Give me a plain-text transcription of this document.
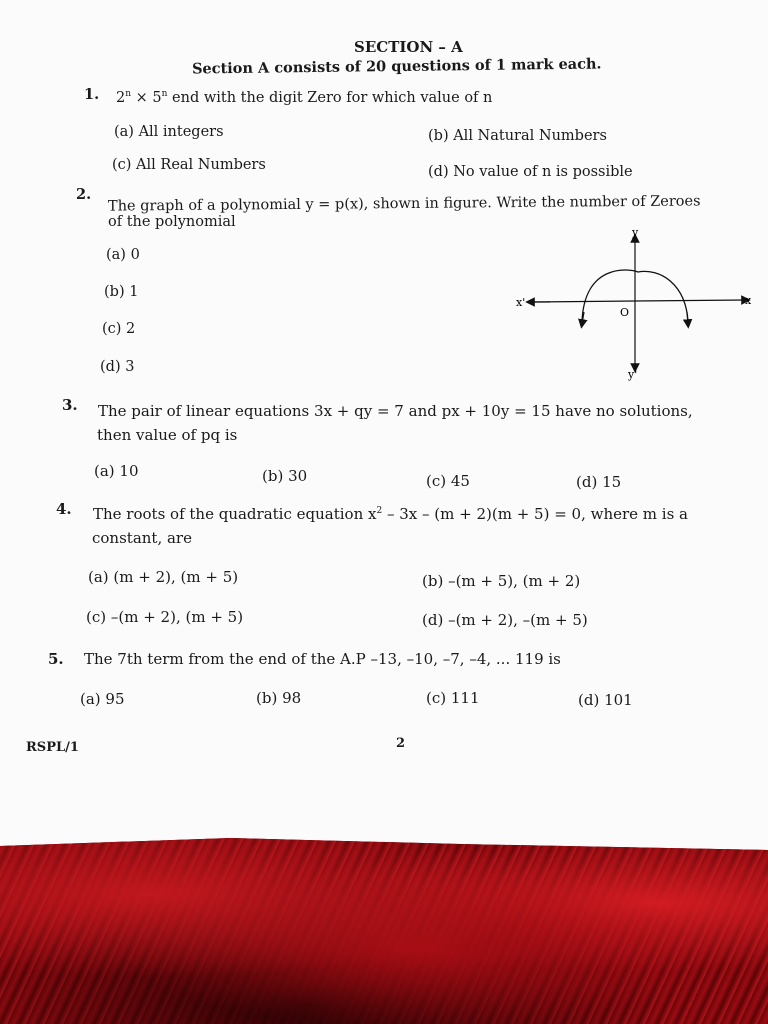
SECTION – A
Section A consists of 20 questions of 1 mark each.
1. $2^n \times 5^n$ end with the digit Zero for which value of n
(a) All integers	(b) All Natural Numbers
(c) All Real Numbers	(d) No value of n is possible
2. The graph of a polynomial y = p(x), shown in figure. Write the number of Zeroes
of the polynomial
(a) 0
(b) 1
(c) 2
(d) 3
y
x
x'
y'
O
3. The pair of linear equations 3x + qy = 7 and px + 10y = 15 have no solutions,
then value of pq is
(a) 10	(b) 30	(c) 45	(d) 15
4. The roots of the quadratic equation $x^2 - 3x - (m + 2)(m + 5) = 0$, where m is a
constant, are
(a) (m + 2), (m + 5)	(b) –(m + 5), (m + 2)
(c) –(m + 2), (m + 5)	(d) –(m + 2), –(m + 5)
5. The 7th term from the end of the A.P –13, –10, –7, –4, ... 119 is
(a) 95	(b) 98	(c) 111	(d) 101
RSPL/1	2
